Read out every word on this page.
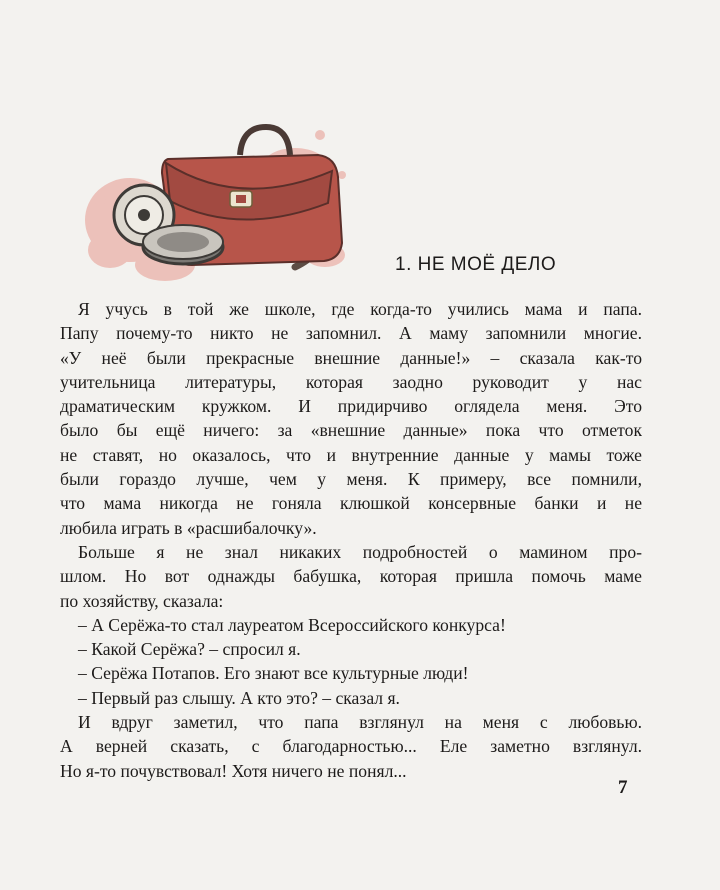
1. НЕ МОЁ ДЕЛО
Я учусь в той же школе, где когда-то учились мама и папа.
Папу почему-то никто не запомнил. А маму запомнили многие.
«У неё были прекрасные внешние данные!» – сказала как-то
учительница литературы, которая заодно руководит у нас
драматическим кружком. И придирчиво оглядела меня. Это
было бы ещё ничего: за «внешние данные» пока что отметок
не ставят, но оказалось, что и внутренние данные у мамы тоже
были гораздо лучше, чем у меня. К примеру, все помнили,
что мама никогда не гоняла клюшкой консервные банки и не
любила играть в «расшибалочку».
Больше я не знал никаких подробностей о мамином про-
шлом. Но вот однажды бабушка, которая пришла помочь маме
по хозяйству, сказала:
– А Серёжа-то стал лауреатом Всероссийского конкурса!
– Какой Серёжа? – спросил я.
– Серёжа Потапов. Его знают все культурные люди!
– Первый раз слышу. А кто это? – сказал я.
И вдруг заметил, что папа взглянул на меня с любовью.
А верней сказать, с благодарностью... Еле заметно взглянул.
Но я-то почувствовал! Хотя ничего не понял...
7
